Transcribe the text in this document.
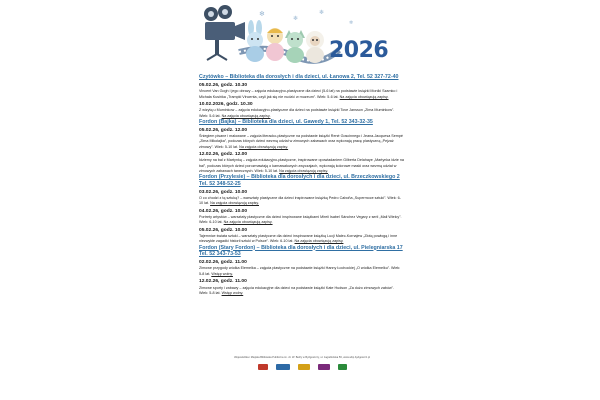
❄
❄
❄
❄
2026
Czytówko – Biblioteka dla dorosłych i dla dzieci, ul. Łanowa 2, Tel. 52 327-72-40
05.02.26, godz. 10.30
Vincent Van Gogh i jego obrazy – zajęcia edukacyjno-plastyczne dla dzieci (5-6 lat) na podstawie książki Moniki Szamko i Michała Kusińka „Trampki Vincenta, czyli jak się nie nudzić w muzeum”. Wiek: 5-6 lat. Na zajęcia obowiązują zapisy.
10.02.2026, godz. 10.30
Z wizytą u Muminkow – zajęcia edukacyjno-plastyczne dla dzieci na podstawie książki Tove Jansson „Zima Muminkow”. Wiek: 5-6 lat. Na zajęcia obowiązują zapisy.
Fordon (Bajka) – Biblioteka dla dzieci, ul. Gawedy 1, Tel. 52 343-32-35
05.02.26, godz. 12.00
Śniegiem pisane i malowane – zajęcia literacko-plastyczne na podstawie książki René Goscinnego i Jeana-Jacquesa Sempé „Zima Mikołajka”, podczas których dzieci wezmą udział w zimowych zabawach oraz wykonają pracę plastyczną „Pejzaż zimowy”. Wiek: 5-10 lat. Na zajęcia obowiązują zapisy.
12.02.26, godz. 12.00
Idziemy na bal z Martynką – zajęcia edukacyjno-plastyczne, inspirowane opowiadaniem Gilberta Delahaye „Martynka idzie na bal”, podczas których dzieci porozmawiają o karnawałowych zwyczajach, wykonają kolorowe maski oraz wezmą udział w zimowych zabawach tanecznych. Wiek: 5-10 lat. Na zajęcia obowiązują zapisy.
Fordon (Przylesie) – Biblioteka dla dorosłych i dla dzieci, ul. Brzeczkowskiego 2
Tel. 52 348-52-25
03.02.26, godz. 10.00
O co chodzi z tą sztuką? – warsztaty plastyczne dla dzieci inspirowane książką Pedro Caboña „Supermoce sztuki”. Wiek: 6-10 lat. Na zajęcia obowiązują zapisy.
04.02.26, godz. 10.00
Portrety artystów – warsztaty plastyczne dla dzieci inspirowane książkami Mireii Isabel Sánchez Vegary z serii „Mali Wielcy”. Wiek: 6-10 lat. Na zajęcia obowiązują zapisy.
05.02.26, godz. 10.00
Tajemnice świata sztuki – warsztaty plastyczne dla dzieci inspirowane książką Lucji Malec-Kornajew „Złotą powłogą i inne niezwykłe zagadki historii sztuki w Polsce”. Wiek: 6-10 lat. Na zajęcia obowiązują zapisy.
Fordon (Stary Fordon) – Biblioteka dla dorosłych i dla dzieci, ul. Pielegniarska 17
Tel. 52 343-73-53
02.02.26, godz. 11.00
Zimowe przygody wódka Elemelka – zajęcia plastyczne na podstawie książki Hanny Łochockiej „O wódka Elemelku”. Wiek: 5-8 lat. Wstęp wolny.
12.02.26, godz. 11.00
Zimowe sporty i zabawy – zajęcia edukacyjne dla dzieci na podstawie książki Kate Hudson „Za dużo zimowych zabów”. Wiek: 5-8 lat. Wstęp wolny.
Wojewódzka i Miejska Biblioteka Publiczna im. dr. W. Bełzy w Bydgoszczy, ul. Jagiellońska 56, www.wbp.bydgoszcz.pl
